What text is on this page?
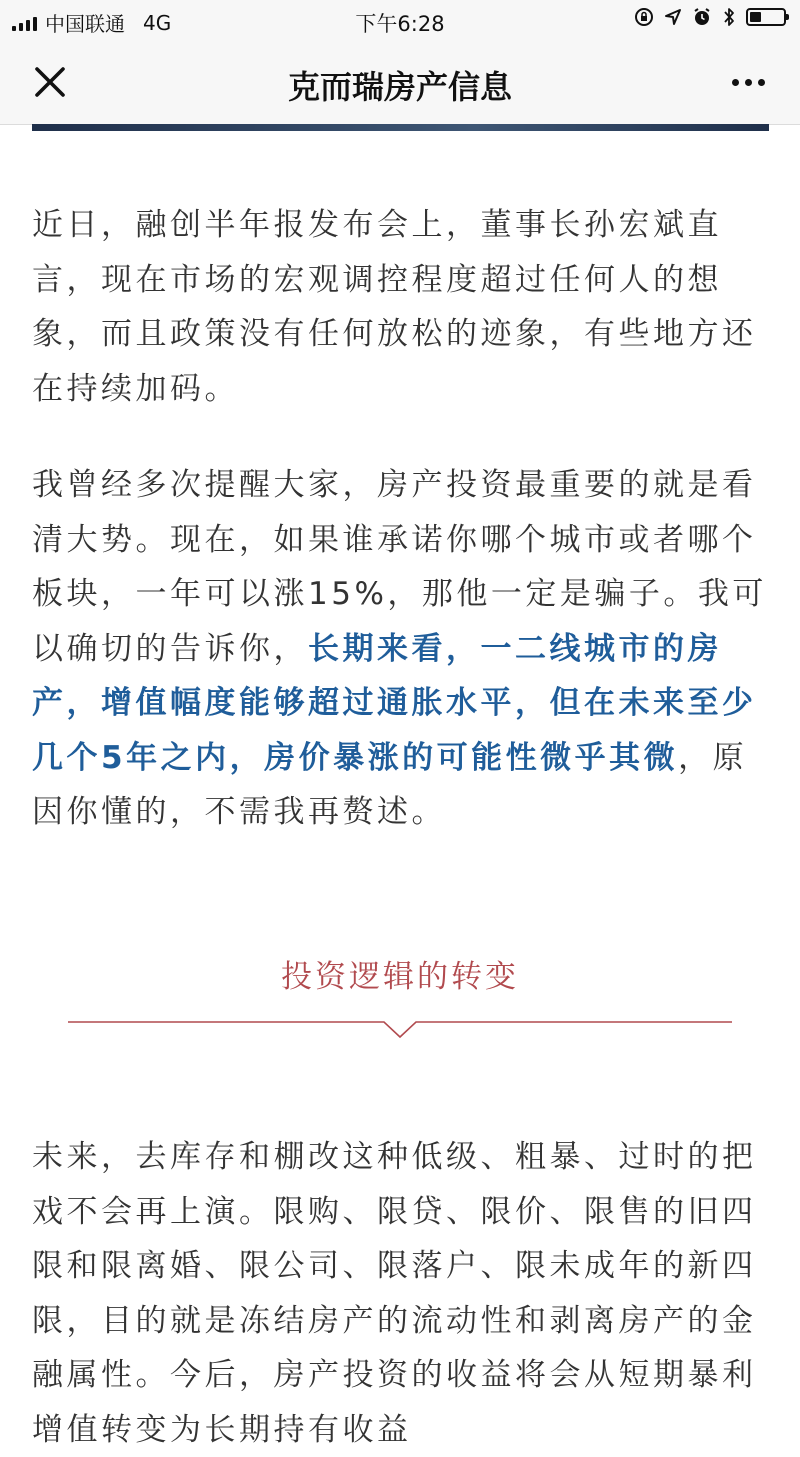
中国联通 4G	下午6:28
克而瑞房产信息

近日，融创半年报发布会上，董事长孙宏斌直言，现在市场的宏观调控程度超过任何人的想象，而且政策没有任何放松的迹象，有些地方还在持续加码。

我曾经多次提醒大家，房产投资最重要的就是看清大势。现在，如果谁承诺你哪个城市或者哪个板块，一年可以涨15%，那他一定是骗子。我可以确切的告诉你，长期来看，一二线城市的房产，增值幅度能够超过通胀水平，但在未来至少几个5年之内，房价暴涨的可能性微乎其微，原因你懂的，不需我再赘述。

投资逻辑的转变

未来，去库存和棚改这种低级、粗暴、过时的把戏不会再上演。限购、限贷、限价、限售的旧四限和限离婚、限公司、限落户、限未成年的新四限，目的就是冻结房产的流动性和剥离房产的金融属性。今后，房产投资的收益将会从短期暴利增值转变为长期持有收益
